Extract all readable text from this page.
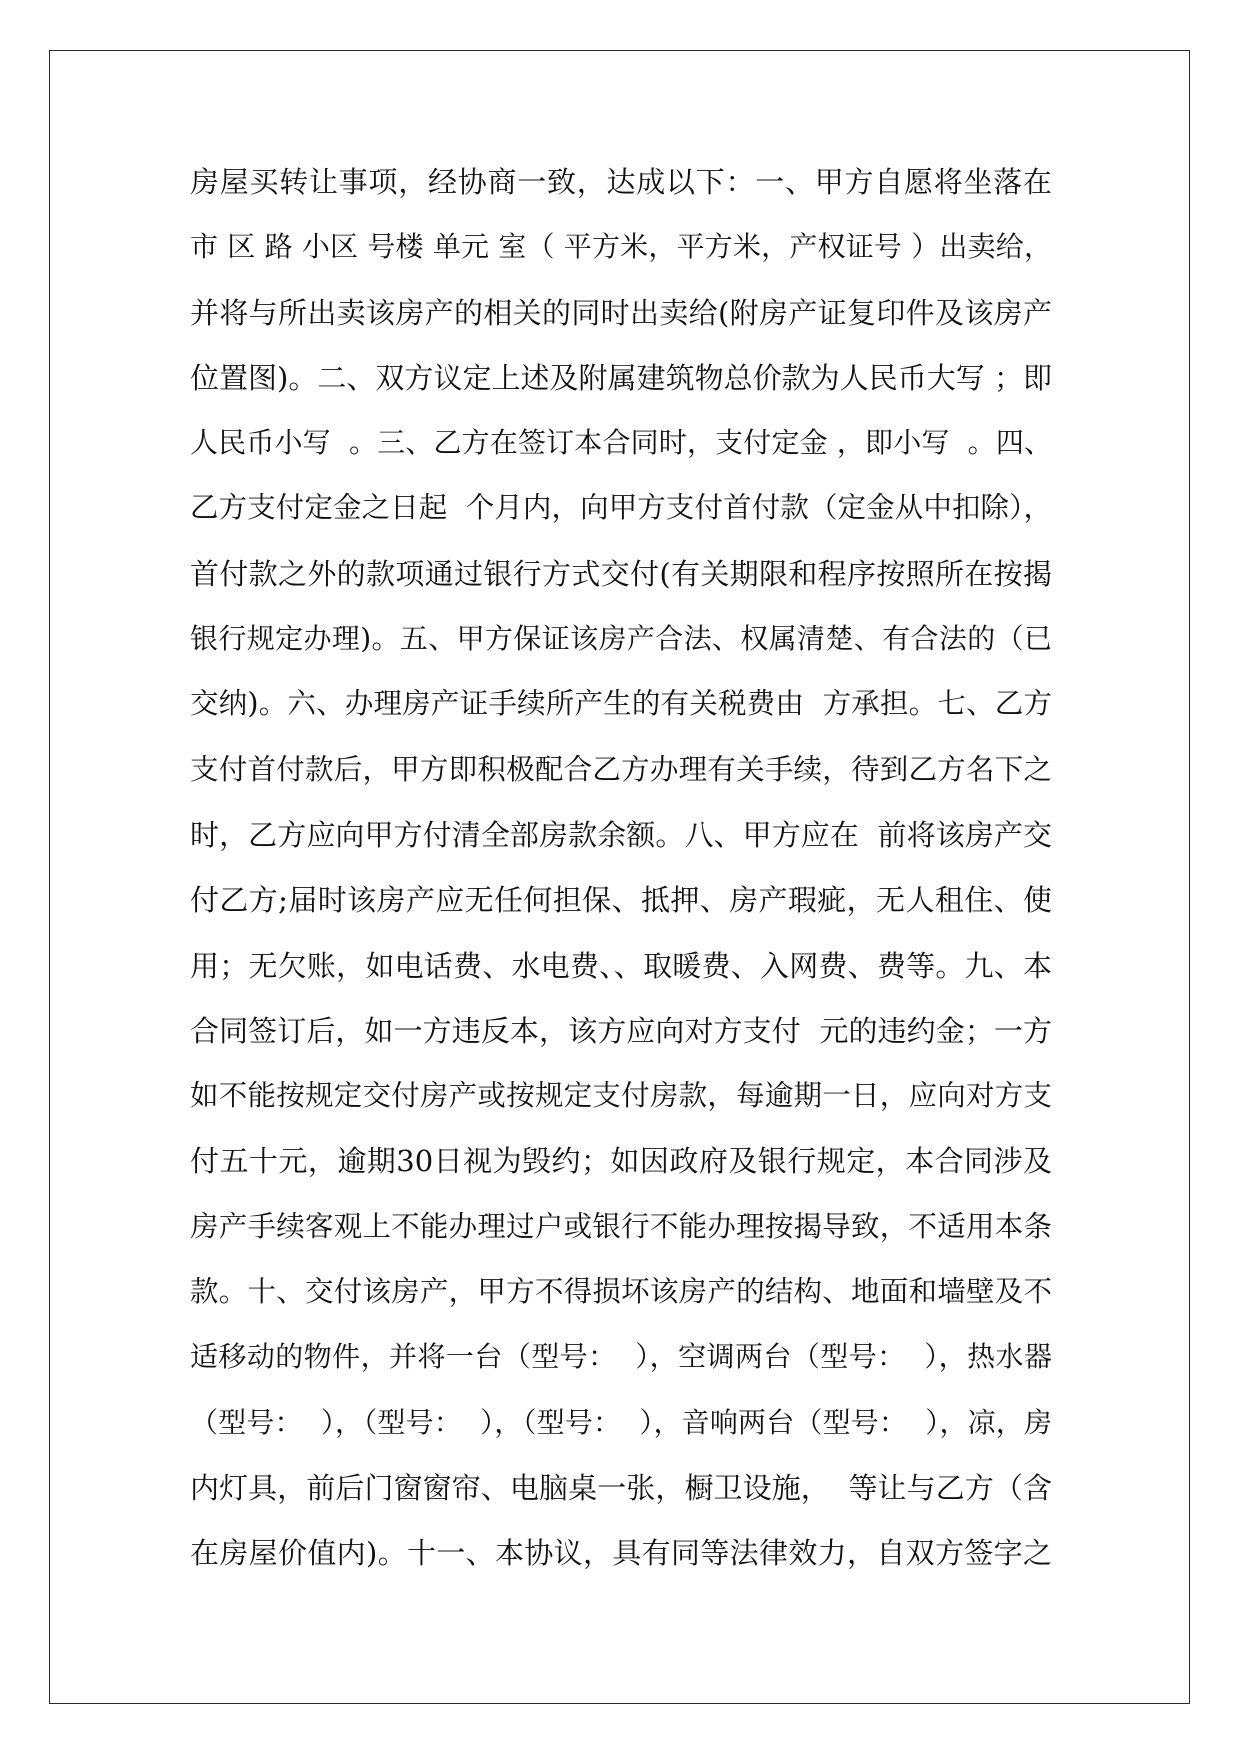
房屋买转让事项，经协商一致，达成以下：一、甲方自愿将坐落在
市 区 路 小区 号楼 单元 室（ 平方米，平方米，产权证号 ）出卖给，
并将与所出卖该房产的相关的同时出卖给(附房产证复印件及该房产
位置图)。二、双方议定上述及附属建筑物总价款为人民币大写 ；即
人民币小写  。三、乙方在签订本合同时，支付定金 ，即小写  。四、
乙方支付定金之日起  个月内，向甲方支付首付款（定金从中扣除），
首付款之外的款项通过银行方式交付(有关期限和程序按照所在按揭
银行规定办理)。五、甲方保证该房产合法、权属清楚、有合法的（已
交纳)。六、办理房产证手续所产生的有关税费由  方承担。七、乙方
支付首付款后，甲方即积极配合乙方办理有关手续，待到乙方名下之
时，乙方应向甲方付清全部房款余额。八、甲方应在  前将该房产交
付乙方;届时该房产应无任何担保、抵押、房产瑕疵，无人租住、使
用；无欠账，如电话费、水电费、、取暖费、入网费、费等。九、本
合同签订后，如一方违反本，该方应向对方支付  元的违约金；一方
如不能按规定交付房产或按规定支付房款，每逾期一日，应向对方支
付五十元，逾期30日视为毁约；如因政府及银行规定，本合同涉及
房产手续客观上不能办理过户或银行不能办理按揭导致，不适用本条
款。十、交付该房产，甲方不得损坏该房产的结构、地面和墙壁及不
适移动的物件，并将一台（型号：  ），空调两台（型号：  ），热水器
（型号：  ），（型号：  ），（型号：  ），音响两台（型号：  ），凉，房
内灯具，前后门窗窗帘、电脑桌一张，橱卫设施，  等让与乙方（含
在房屋价值内)。十一、本协议，具有同等法律效力，自双方签字之
